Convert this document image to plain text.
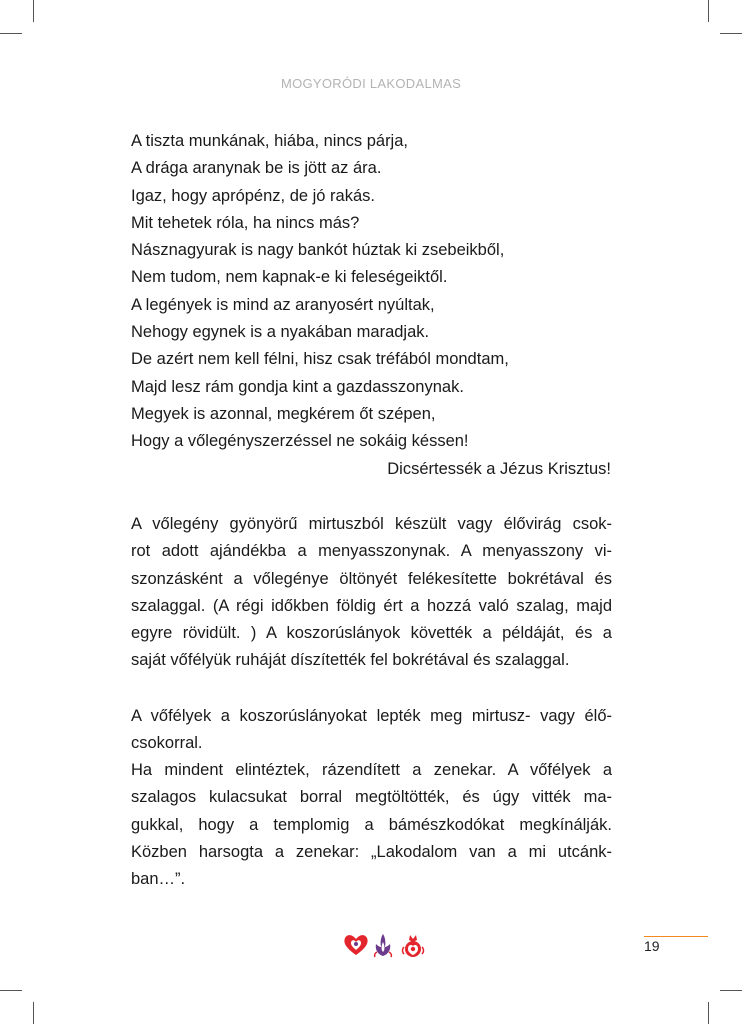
MOGYORÓDI LAKODALMAS
A tiszta munkának, hiába, nincs párja,
A drága aranynak be is jött az ára.
Igaz, hogy aprópénz, de jó rakás.
Mit tehetek róla, ha nincs más?
Násznagyurak is nagy bankót húztak ki zsebeikből,
Nem tudom, nem kapnak-e ki feleségeiktől.
A legények is mind az aranyosért nyúltak,
Nehogy egynek is a nyakában maradjak.
De azért nem kell félni, hisz csak tréfából mondtam,
Majd lesz rám gondja kint a gazdasszonynak.
Megyek is azonnal, megkérem őt szépen,
Hogy a vőlegényszerzéssel ne sokáig késsen!
Dicsértessék a Jézus Krisztus!
A vőlegény gyönyörű mirtuszból készült vagy élővirág csok-
rot adott ajándékba a menyasszonynak. A menyasszony vi-
szonzásként a vőlegénye öltönyét felékesítette bokrétával és
szalaggal. (A régi időkben földig ért a hozzá való szalag, majd
egyre rövidült. ) A koszorúslányok követték a példáját, és a
saját vőfélyük ruháját díszítették fel bokrétával és szalaggal.
A vőfélyek a koszorúslányokat lepték meg mirtusz- vagy élő-
csokorral.
Ha mindent elintéztek, rázendített a zenekar. A vőfélyek a
szalagos kulacsukat borral megtöltötték, és úgy vitték ma-
gukkal, hogy a templomig a bámészkodókat megkínálják.
Közben harsogta a zenekar: „Lakodalom van a mi utcánk-
ban…”.
19
